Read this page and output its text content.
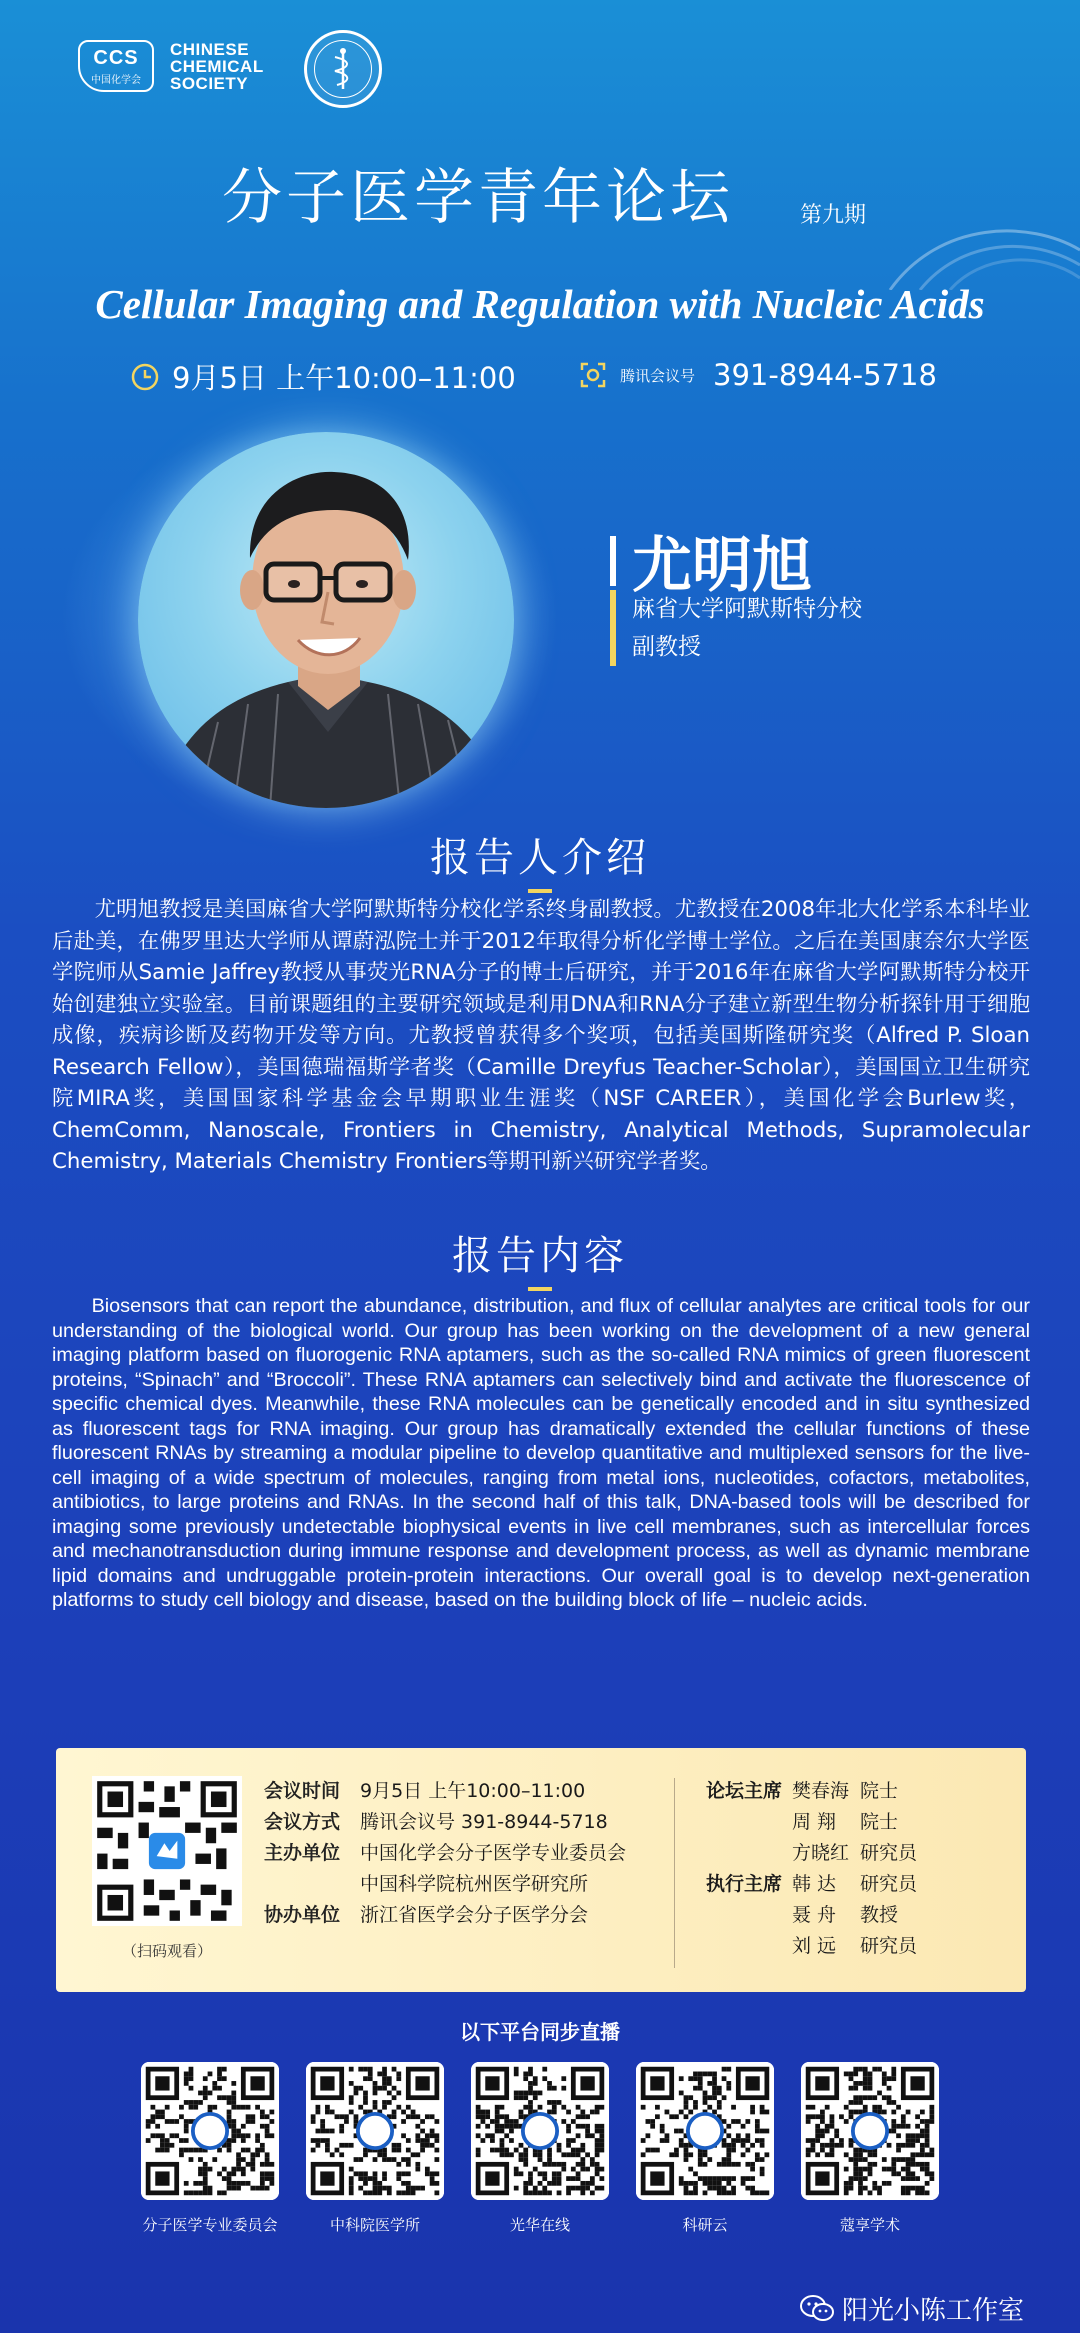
CCS
中国化学会
CHINESE
CHEMICAL
SOCIETY
分子医学青年论坛	第九期
Cellular Imaging and Regulation with Nucleic Acids
9月5日 上午10:00–11:00	腾讯会议号 391-8944-5718
尤明旭
麻省大学阿默斯特分校
副教授
报告人介绍

尤明旭教授是美国麻省大学阿默斯特分校化学系终身副教授。尤教授在2008年北大化学系本科毕业后赴美，在佛罗里达大学师从谭蔚泓院士并于2012年取得分析化学博士学位。之后在美国康奈尔大学医学院师从Samie Jaffrey教授从事荧光RNA分子的博士后研究，并于2016年在麻省大学阿默斯特分校开始创建独立实验室。目前课题组的主要研究领域是利用DNA和RNA分子建立新型生物分析探针用于细胞成像，疾病诊断及药物开发等方向。尤教授曾获得多个奖项，包括美国斯隆研究奖（Alfred P. Sloan Research Fellow），美国德瑞福斯学者奖（Camille Dreyfus Teacher-Scholar），美国国立卫生研究院MIRA奖，美国国家科学基金会早期职业生涯奖（NSF CAREER），美国化学会Burlew奖，ChemComm, Nanoscale, Frontiers in Chemistry, Analytical Methods, Supramolecular Chemistry, Materials Chemistry Frontiers等期刊新兴研究学者奖。

报告内容

Biosensors that can report the abundance, distribution, and flux of cellular analytes are critical tools for our understanding of the biological world. Our group has been working on the development of a new general imaging platform based on fluorogenic RNA aptamers, such as the so-called RNA mimics of green fluorescent proteins, “Spinach” and “Broccoli”. These RNA aptamers can selectively bind and activate the fluorescence of specific chemical dyes. Meanwhile, these RNA molecules can be genetically encoded and in situ synthesized as fluorescent tags for RNA imaging. Our group has dramatically extended the cellular functions of these fluorescent RNAs by streaming a modular pipeline to develop quantitative and multiplexed sensors for the live-cell imaging of a wide spectrum of molecules, ranging from metal ions, nucleotides, cofactors, metabolites, antibiotics, to large proteins and RNAs. In the second half of this talk, DNA-based tools will be described for imaging some previously undetectable biophysical events in live cell membranes, such as intercellular forces and mechanotransduction during immune response and development process, as well as dynamic membrane lipid domains and undruggable protein-protein interactions. Our overall goal is to develop next-generation platforms to study cell biology and disease, based on the building block of life – nucleic acids.

（扫码观看）
会议时间	9月5日 上午10:00–11:00
会议方式	腾讯会议号 391-8944-5718
主办单位	中国化学会分子医学专业委员会
中国科学院杭州医学研究所
协办单位	浙江省医学会分子医学分会
论坛主席 樊春海 院士
周 翔	院士
方晓红 研究员
执行主席 韩 达	研究员
聂 舟	教授
刘 远	研究员
以下平台同步直播
分子医学专业委员会	中科院医学所	光华在线	科研云	蔻享学术
阳光小陈工作室
